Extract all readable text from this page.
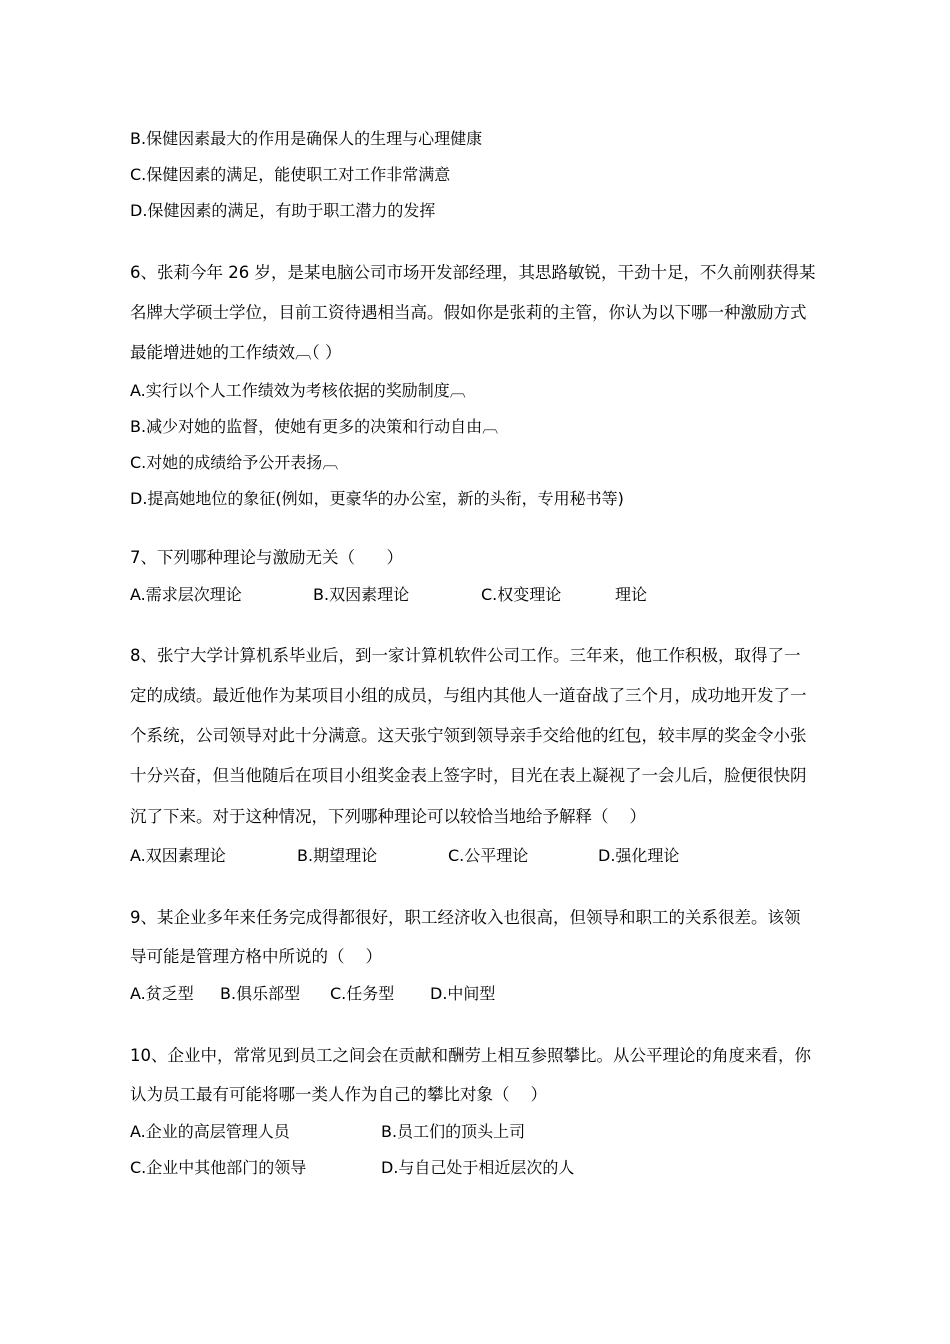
B.保健因素最大的作用是确保人的生理与心理健康
C.保健因素的满足，能使职工对工作非常满意
D.保健因素的满足，有助于职工潜力的发挥
6、张莉今年 26 岁，是某电脑公司市场开发部经理，其思路敏锐，干劲十足，不久前刚获得某
名牌大学硕士学位，目前工资待遇相当高。假如你是张莉的主管，你认为以下哪一种激励方式
最能增进她的工作绩效︹（ ）
A.实行以个人工作绩效为考核依据的奖励制度︹
B.减少对她的监督，使她有更多的决策和行动自由︹
C.对她的成绩给予公开表扬︹
D.提高她地位的象征(例如，更豪华的办公室，新的头衔，专用秘书等)
7、下列哪种理论与激励无关（      ）
A.需求层次理论	B.双因素理论	C.权变理论	理论
8、张宁大学计算机系毕业后，到一家计算机软件公司工作。三年来，他工作积极，取得了一
定的成绩。最近他作为某项目小组的成员，与组内其他人一道奋战了三个月，成功地开发了一
个系统，公司领导对此十分满意。这天张宁领到领导亲手交给他的红包，较丰厚的奖金令小张
十分兴奋，但当他随后在项目小组奖金表上签字时，目光在表上凝视了一会儿后，脸便很快阴
沉了下来。对于这种情况，下列哪种理论可以较恰当地给予解释（    ）
A.双因素理论	B.期望理论	C.公平理论	D.强化理论
9、某企业多年来任务完成得都很好，职工经济收入也很高，但领导和职工的关系很差。该领
导可能是管理方格中所说的（    ）
A.贫乏型 B.俱乐部型 C.任务型 D.中间型
10、企业中，常常见到员工之间会在贡献和酬劳上相互参照攀比。从公平理论的角度来看，你
认为员工最有可能将哪一类人作为自己的攀比对象（    ）
A.企业的高层管理人员	B.员工们的顶头上司
C.企业中其他部门的领导	D.与自己处于相近层次的人
